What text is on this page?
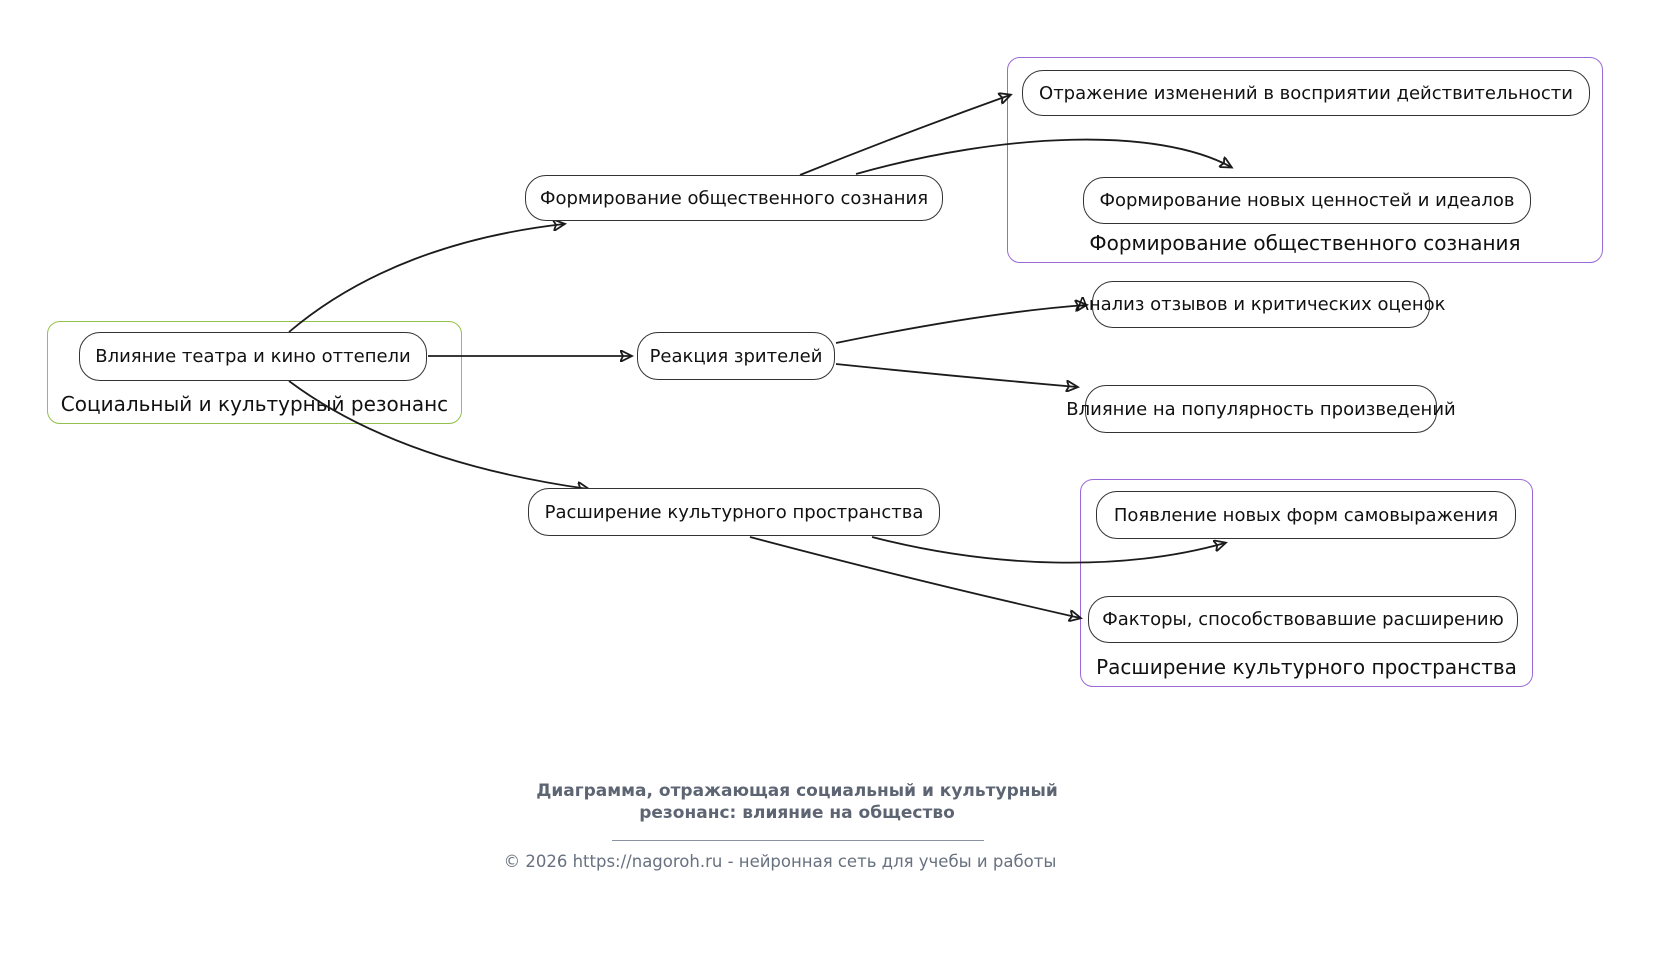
Социальный и культурный резонанс
Формирование общественного сознания
Расширение культурного пространства
Влияние театра и кино оттепели
Формирование общественного сознания
Реакция зрителей
Расширение культурного пространства
Отражение изменений в восприятии действительности
Формирование новых ценностей и идеалов
Анализ отзывов и критических оценок
Влияние на популярность произведений
Появление новых форм самовыражения
Факторы, способствовавшие расширению
Диаграмма, отражающая социальный и культурный
резонанс: влияние на общество
© 2026 https://nagoroh.ru - нейронная сеть для учебы и работы
